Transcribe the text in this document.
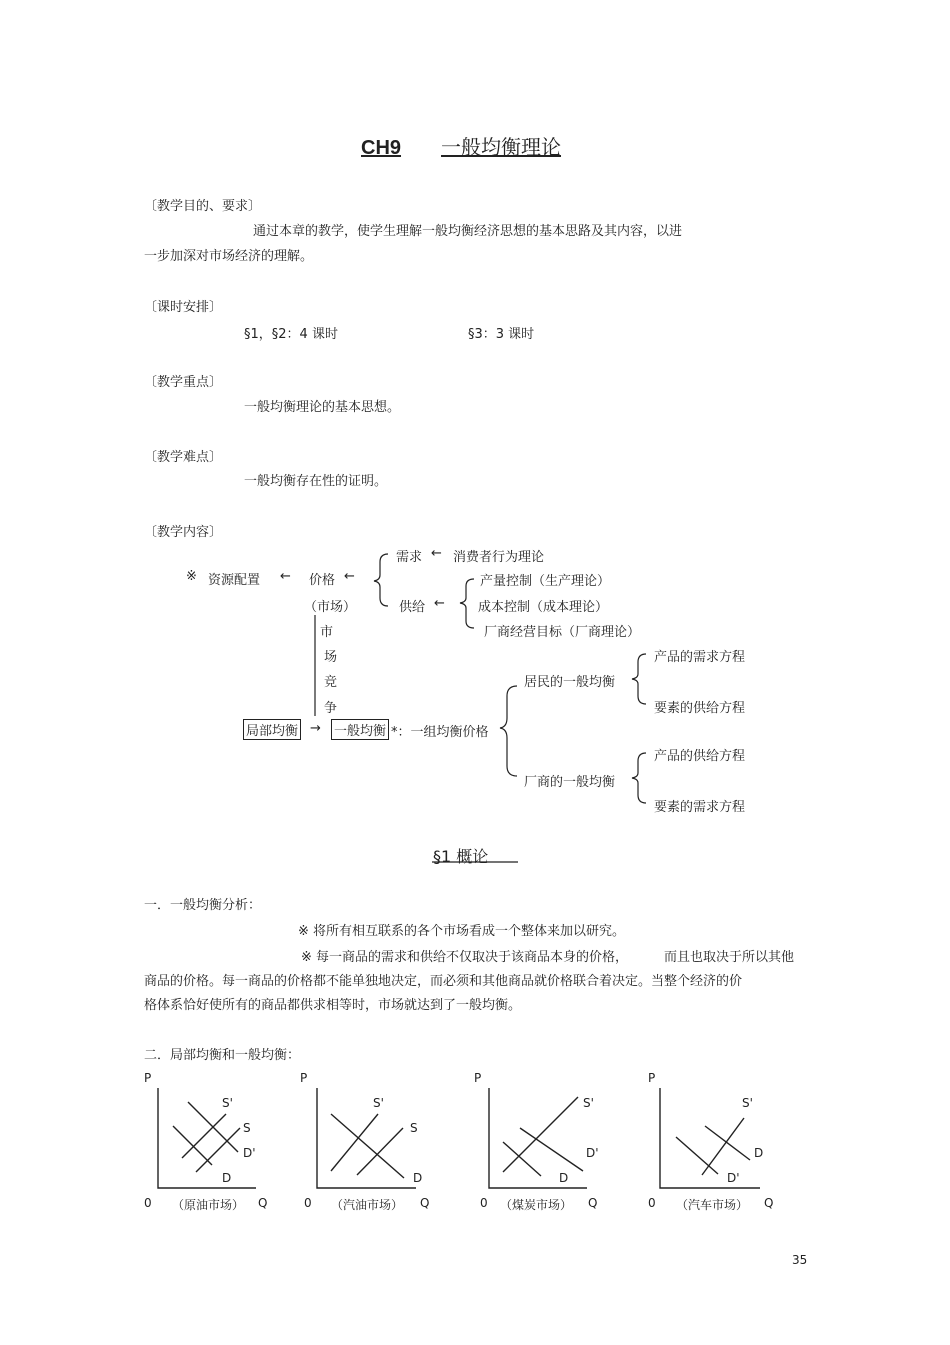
CH9 一般均衡理论
〔教学目的、要求〕
通过本章的教学，使学生理解一般均衡经济思想的基本思路及其内容，以进
一步加深对市场经济的理解。
〔课时安排〕
§1，§2：4 课时	§3：3 课时
〔教学重点〕
一般均衡理论的基本思想。
〔教学难点〕
一般均衡存在性的证明。
〔教学内容〕
※ 资源配置 ← 价格 ←
（市场）
需求 ← 消费者行为理论
供给 ←
产量控制（生产理论）
成本控制（成本理论）
厂商经营目标（厂商理论）
市
场
竞
争
局部均衡 → 一般均衡 *：一组均衡价格
居民的一般均衡
厂商的一般均衡
产品的需求方程
要素的供给方程
产品的供给方程
要素的需求方程
§1 概论
一．一般均衡分析：
※ 将所有相互联系的各个市场看成一个整体来加以研究。
※ 每一商品的需求和供给不仅取决于该商品本身的价格，	而且也取决于所以其他
商品的价格。每一商品的价格都不能单独地决定，而必须和其他商品就价格联合着决定。当整个经济的价
格体系恰好使所有的商品都供求相等时，市场就达到了一般均衡。
二．局部均衡和一般均衡：
P
0 （原油市场） Q
S'
S
D'
D
P
0 （汽油市场） Q
S'
S
D
P
0 （煤炭市场） Q
S'
D'
D
P
0 （汽车市场） Q
S'
D
D'
35
